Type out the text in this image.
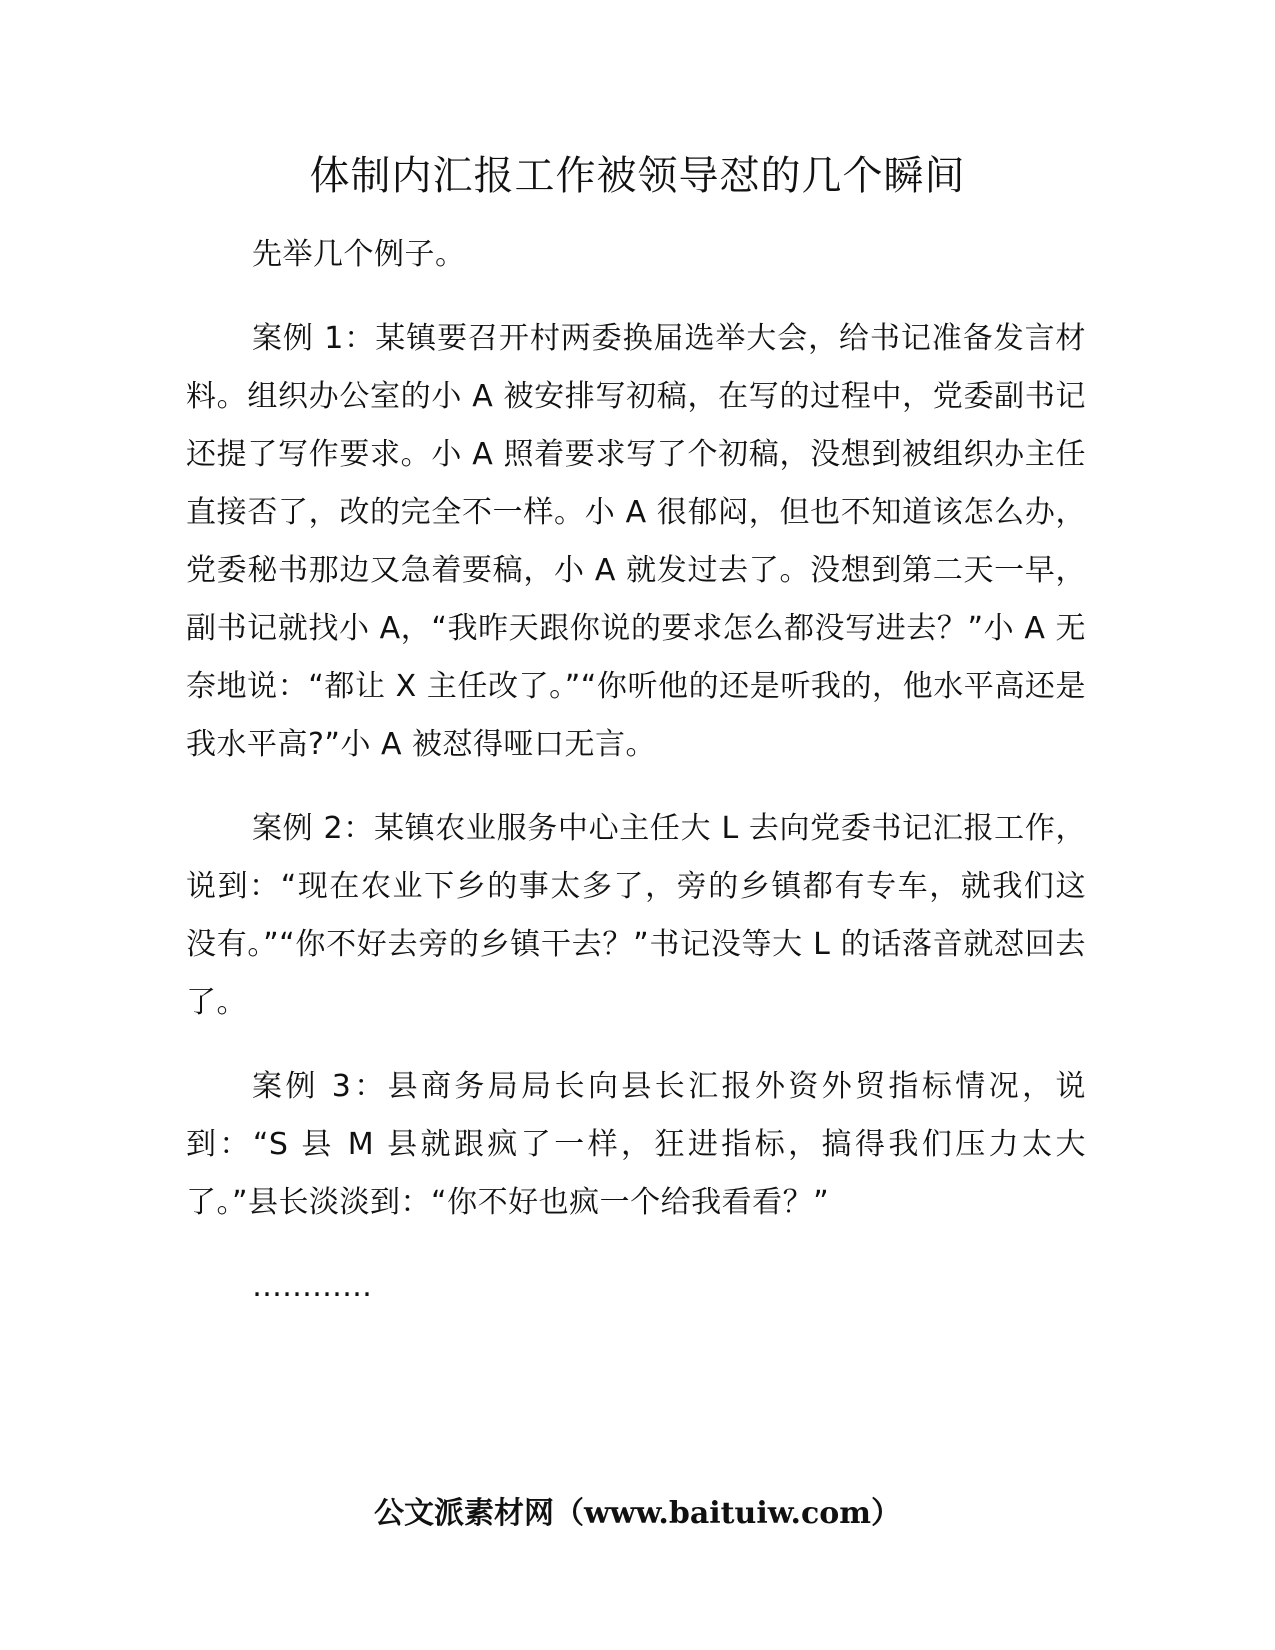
体制内汇报工作被领导怼的几个瞬间

先举几个例子。

案例 1：某镇要召开村两委换届选举大会，给书记准备发言材料。组织办公室的小 A 被安排写初稿，在写的过程中，党委副书记还提了写作要求。小 A 照着要求写了个初稿，没想到被组织办主任直接否了，改的完全不一样。小 A 很郁闷，但也不知道该怎么办，党委秘书那边又急着要稿，小 A 就发过去了。没想到第二天一早，副书记就找小 A，“我昨天跟你说的要求怎么都没写进去？”小 A 无奈地说：“都让 X 主任改了。”“你听他的还是听我的，他水平高还是我水平高?”小 A 被怼得哑口无言。

案例 2：某镇农业服务中心主任大 L 去向党委书记汇报工作，说到：“现在农业下乡的事太多了，旁的乡镇都有专车，就我们这没有。”“你不好去旁的乡镇干去？”书记没等大 L 的话落音就怼回去了。

案例 3：县商务局局长向县长汇报外资外贸指标情况，说到：“S 县 M 县就跟疯了一样，狂进指标，搞得我们压力太大了。”县长淡淡到：“你不好也疯一个给我看看？”

…………

公文派素材网（www.baituiw.com）
